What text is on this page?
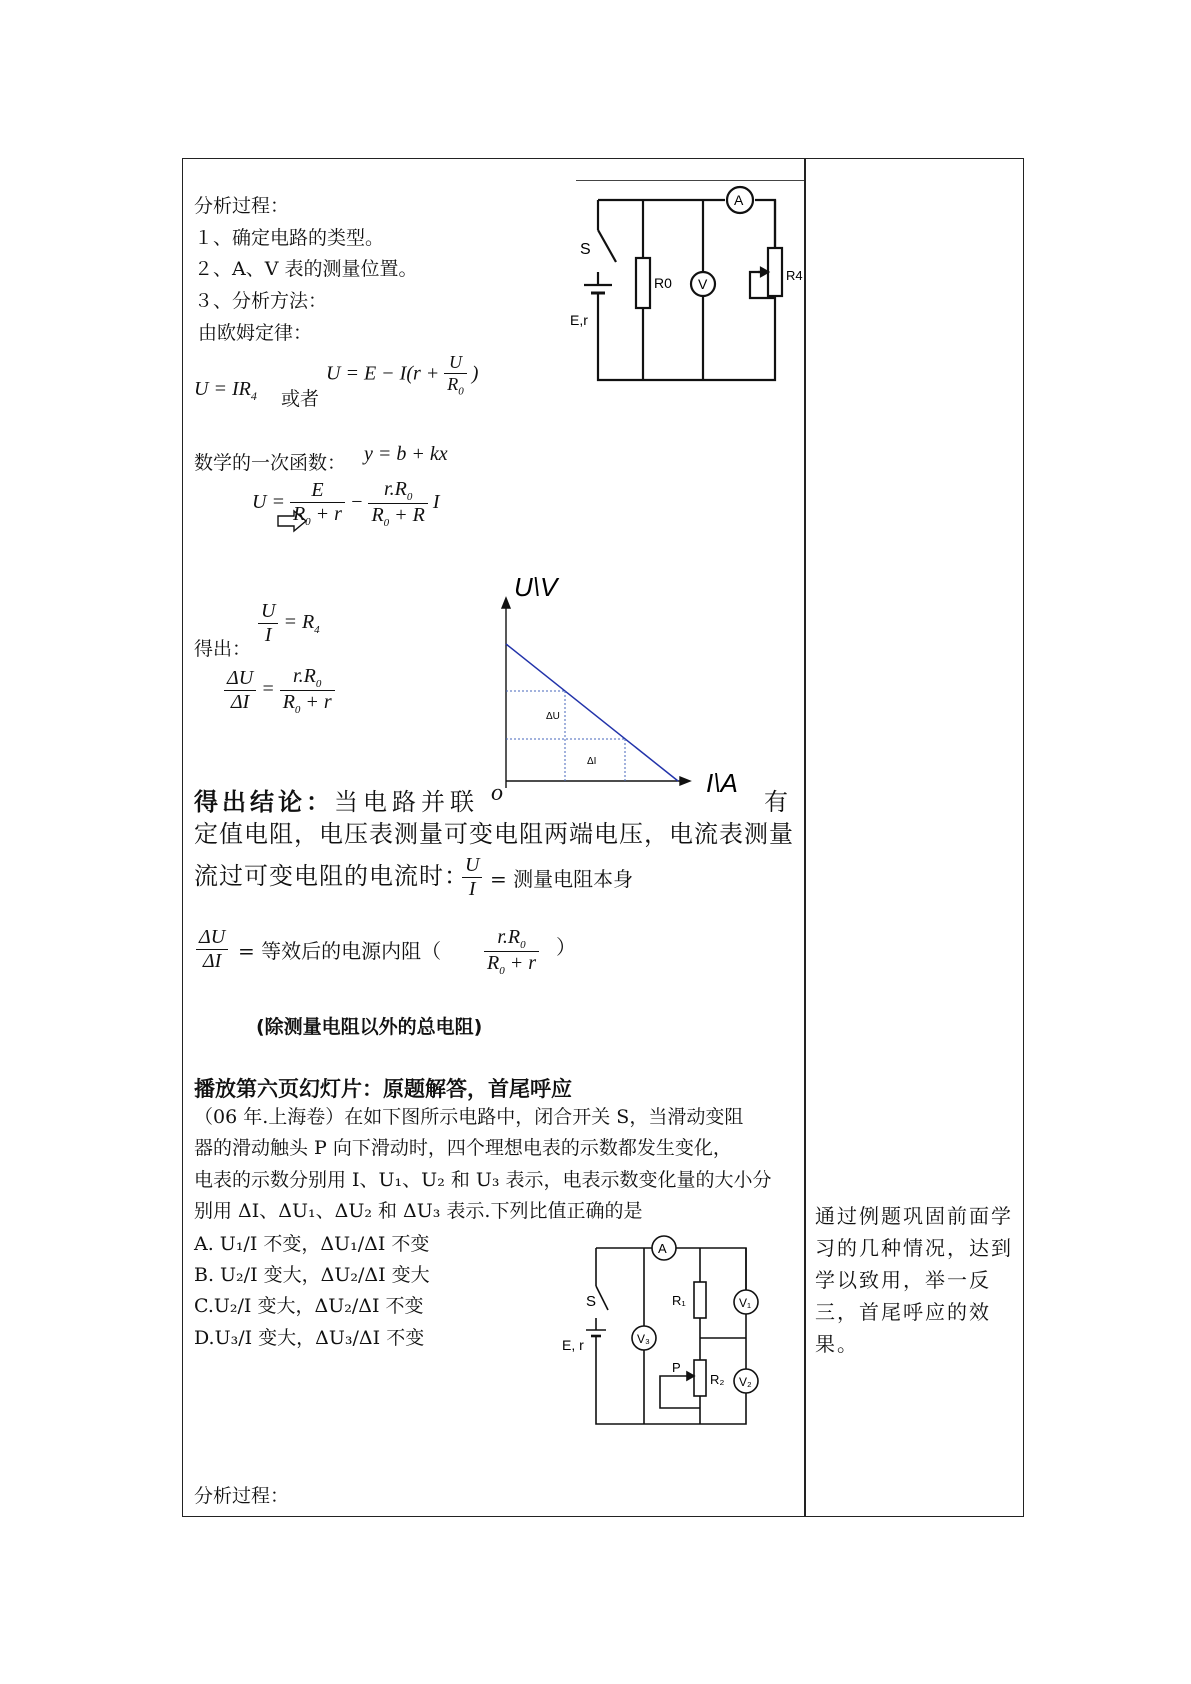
分析过程：
１、确定电路的类型。
２、A、V 表的测量位置。
３、分析方法：
由欧姆定律：
$U = IR_4$ 或者
$U = E - I(r + \frac{U}{R_0}$ )
数学的一次函数： y = b + kx
$U = \frac{E}{R_0 + r} - \frac{r.R_0}{R_0 + R}$ I
$\frac{U}{I} = R_4$
得出：
$\frac{\Delta U}{\Delta I} = \frac{r.R_0}{R_0 + r}$
S
E,r
R0 V
A
R4
U\V
I\A
ΔU
ΔI
o
得出结论：当电路并联	有
定值电阻，电压表测量可变电阻两端电压，电流表测量
流过可变电阻的电流时：
$\frac{U}{I}$ = 测量电阻本身
$\frac{\Delta U}{\Delta I}$ = 等效后的电源内阻（ $\frac{r.R_0}{R_0 + r}$ ）
(除测量电阻以外的总电阻)
播放第六页幻灯片：原题解答，首尾呼应
（06 年.上海卷）在如下图所示电路中，闭合开关 S，当滑动变阻
器的滑动触头 P 向下滑动时，四个理想电表的示数都发生变化，
电表的示数分别用 I、U₁、U₂ 和 U₃ 表示，电表示数变化量的大小分
别用 ΔI、ΔU₁、ΔU₂ 和 ΔU₃ 表示.下列比值正确的是
A. U₁/I 不变，ΔU₁/ΔI 不变
B. U₂/I 变大，ΔU₂/ΔI 变大
C.U₂/I 变大，ΔU₂/ΔI 不变
D.U₃/I 变大，ΔU₃/ΔI 不变
分析过程：
A
S
E, r
R₁	V₁
V₃
P
R₂ V₂
通过例题巩固前面学习的几种情况，达到学以致用，举一反三，首尾呼应的效果。
